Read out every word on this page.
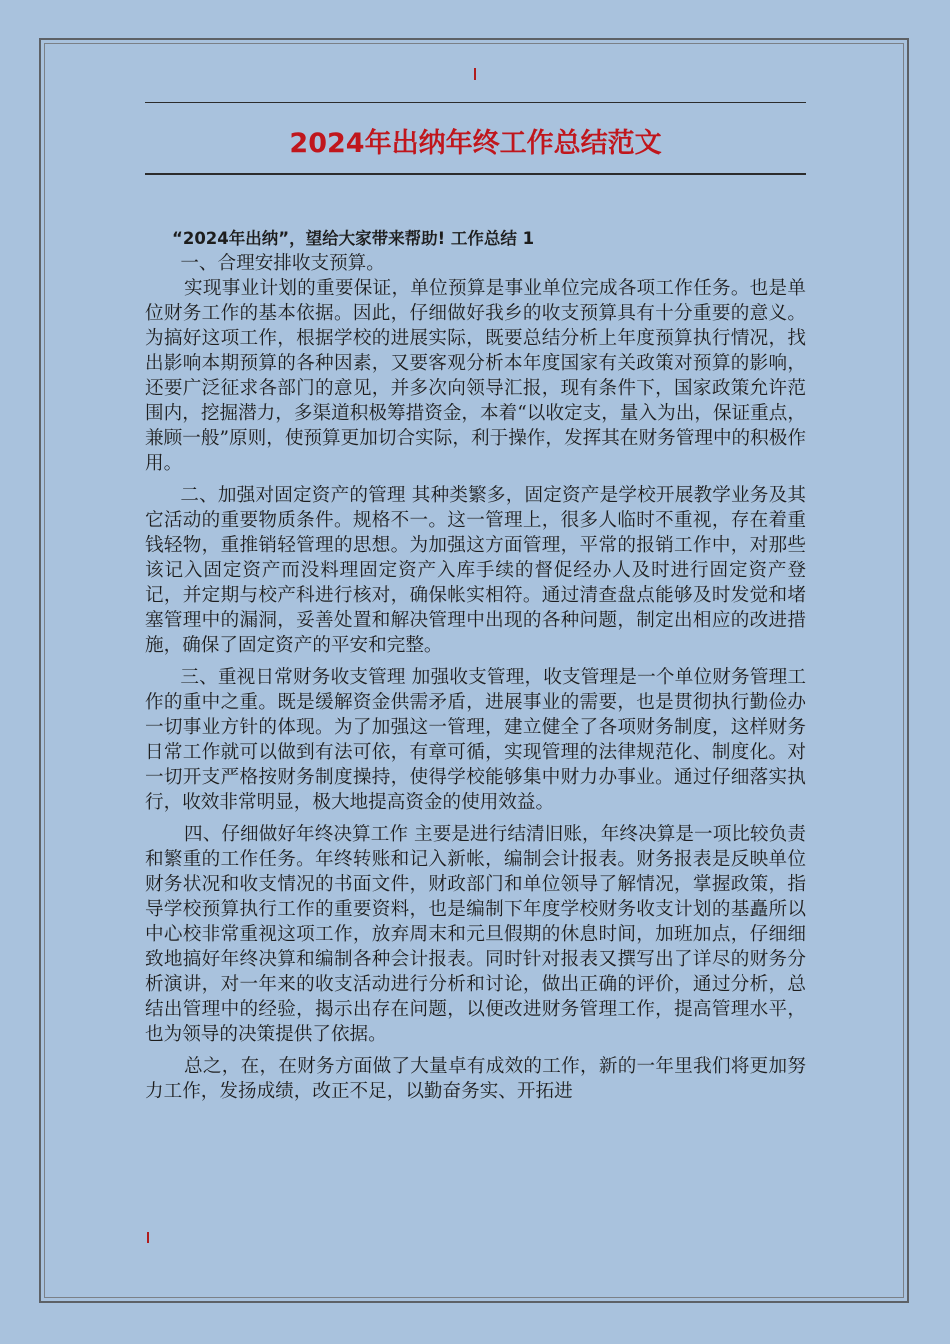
2024年出纳年终工作总结范文

“2024年出纳”，望给大家带来帮助! 工作总结 1

一、合理安排收支预算。

实现事业计划的重要保证，单位预算是事业单位完成各项工作任务。也是单位财务工作的基本依据。因此，仔细做好我乡的收支预算具有十分重要的意义。为搞好这项工作，根据学校的进展实际，既要总结分析上年度预算执行情况，找出影响本期预算的各种因素，又要客观分析本年度国家有关政策对预算的影响，还要广泛征求各部门的意见，并多次向领导汇报，现有条件下，国家政策允许范围内，挖掘潜力，多渠道积极筹措资金，本着“以收定支，量入为出，保证重点，兼顾一般”原则，使预算更加切合实际，利于操作，发挥其在财务管理中的积极作用。

二、加强对固定资产的管理 其种类繁多，固定资产是学校开展教学业务及其它活动的重要物质条件。规格不一。这一管理上，很多人临时不重视，存在着重钱轻物，重推销轻管理的思想。为加强这方面管理，平常的报销工作中，对那些该记入固定资产而没料理固定资产入库手续的督促经办人及时进行固定资产登记，并定期与校产科进行核对，确保帐实相符。通过清查盘点能够及时发觉和堵塞管理中的漏洞，妥善处置和解决管理中出现的各种问题，制定出相应的改进措施，确保了固定资产的平安和完整。

三、重视日常财务收支管理 加强收支管理，收支管理是一个单位财务管理工作的重中之重。既是缓解资金供需矛盾，进展事业的需要，也是贯彻执行勤俭办一切事业方针的体现。为了加强这一管理，建立健全了各项财务制度，这样财务日常工作就可以做到有法可依，有章可循，实现管理的法律规范化、制度化。对一切开支严格按财务制度操持，使得学校能够集中财力办事业。通过仔细落实执行，收效非常明显，极大地提高资金的使用效益。

四、仔细做好年终决算工作 主要是进行结清旧账，年终决算是一项比较负责和繁重的工作任务。年终转账和记入新帐，编制会计报表。财务报表是反映单位财务状况和收支情况的书面文件，财政部门和单位领导了解情况，掌握政策，指导学校预算执行工作的重要资料，也是编制下年度学校财务收支计划的基矗所以中心校非常重视这项工作，放弃周末和元旦假期的休息时间，加班加点，仔细细致地搞好年终决算和编制各种会计报表。同时针对报表又撰写出了详尽的财务分析演讲，对一年来的收支活动进行分析和讨论，做出正确的评价，通过分析，总结出管理中的经验，揭示出存在问题，以便改进财务管理工作，提高管理水平，也为领导的决策提供了依据。

总之，在，在财务方面做了大量卓有成效的工作，新的一年里我们将更加努力工作，发扬成绩，改正不足，以勤奋务实、开拓进
